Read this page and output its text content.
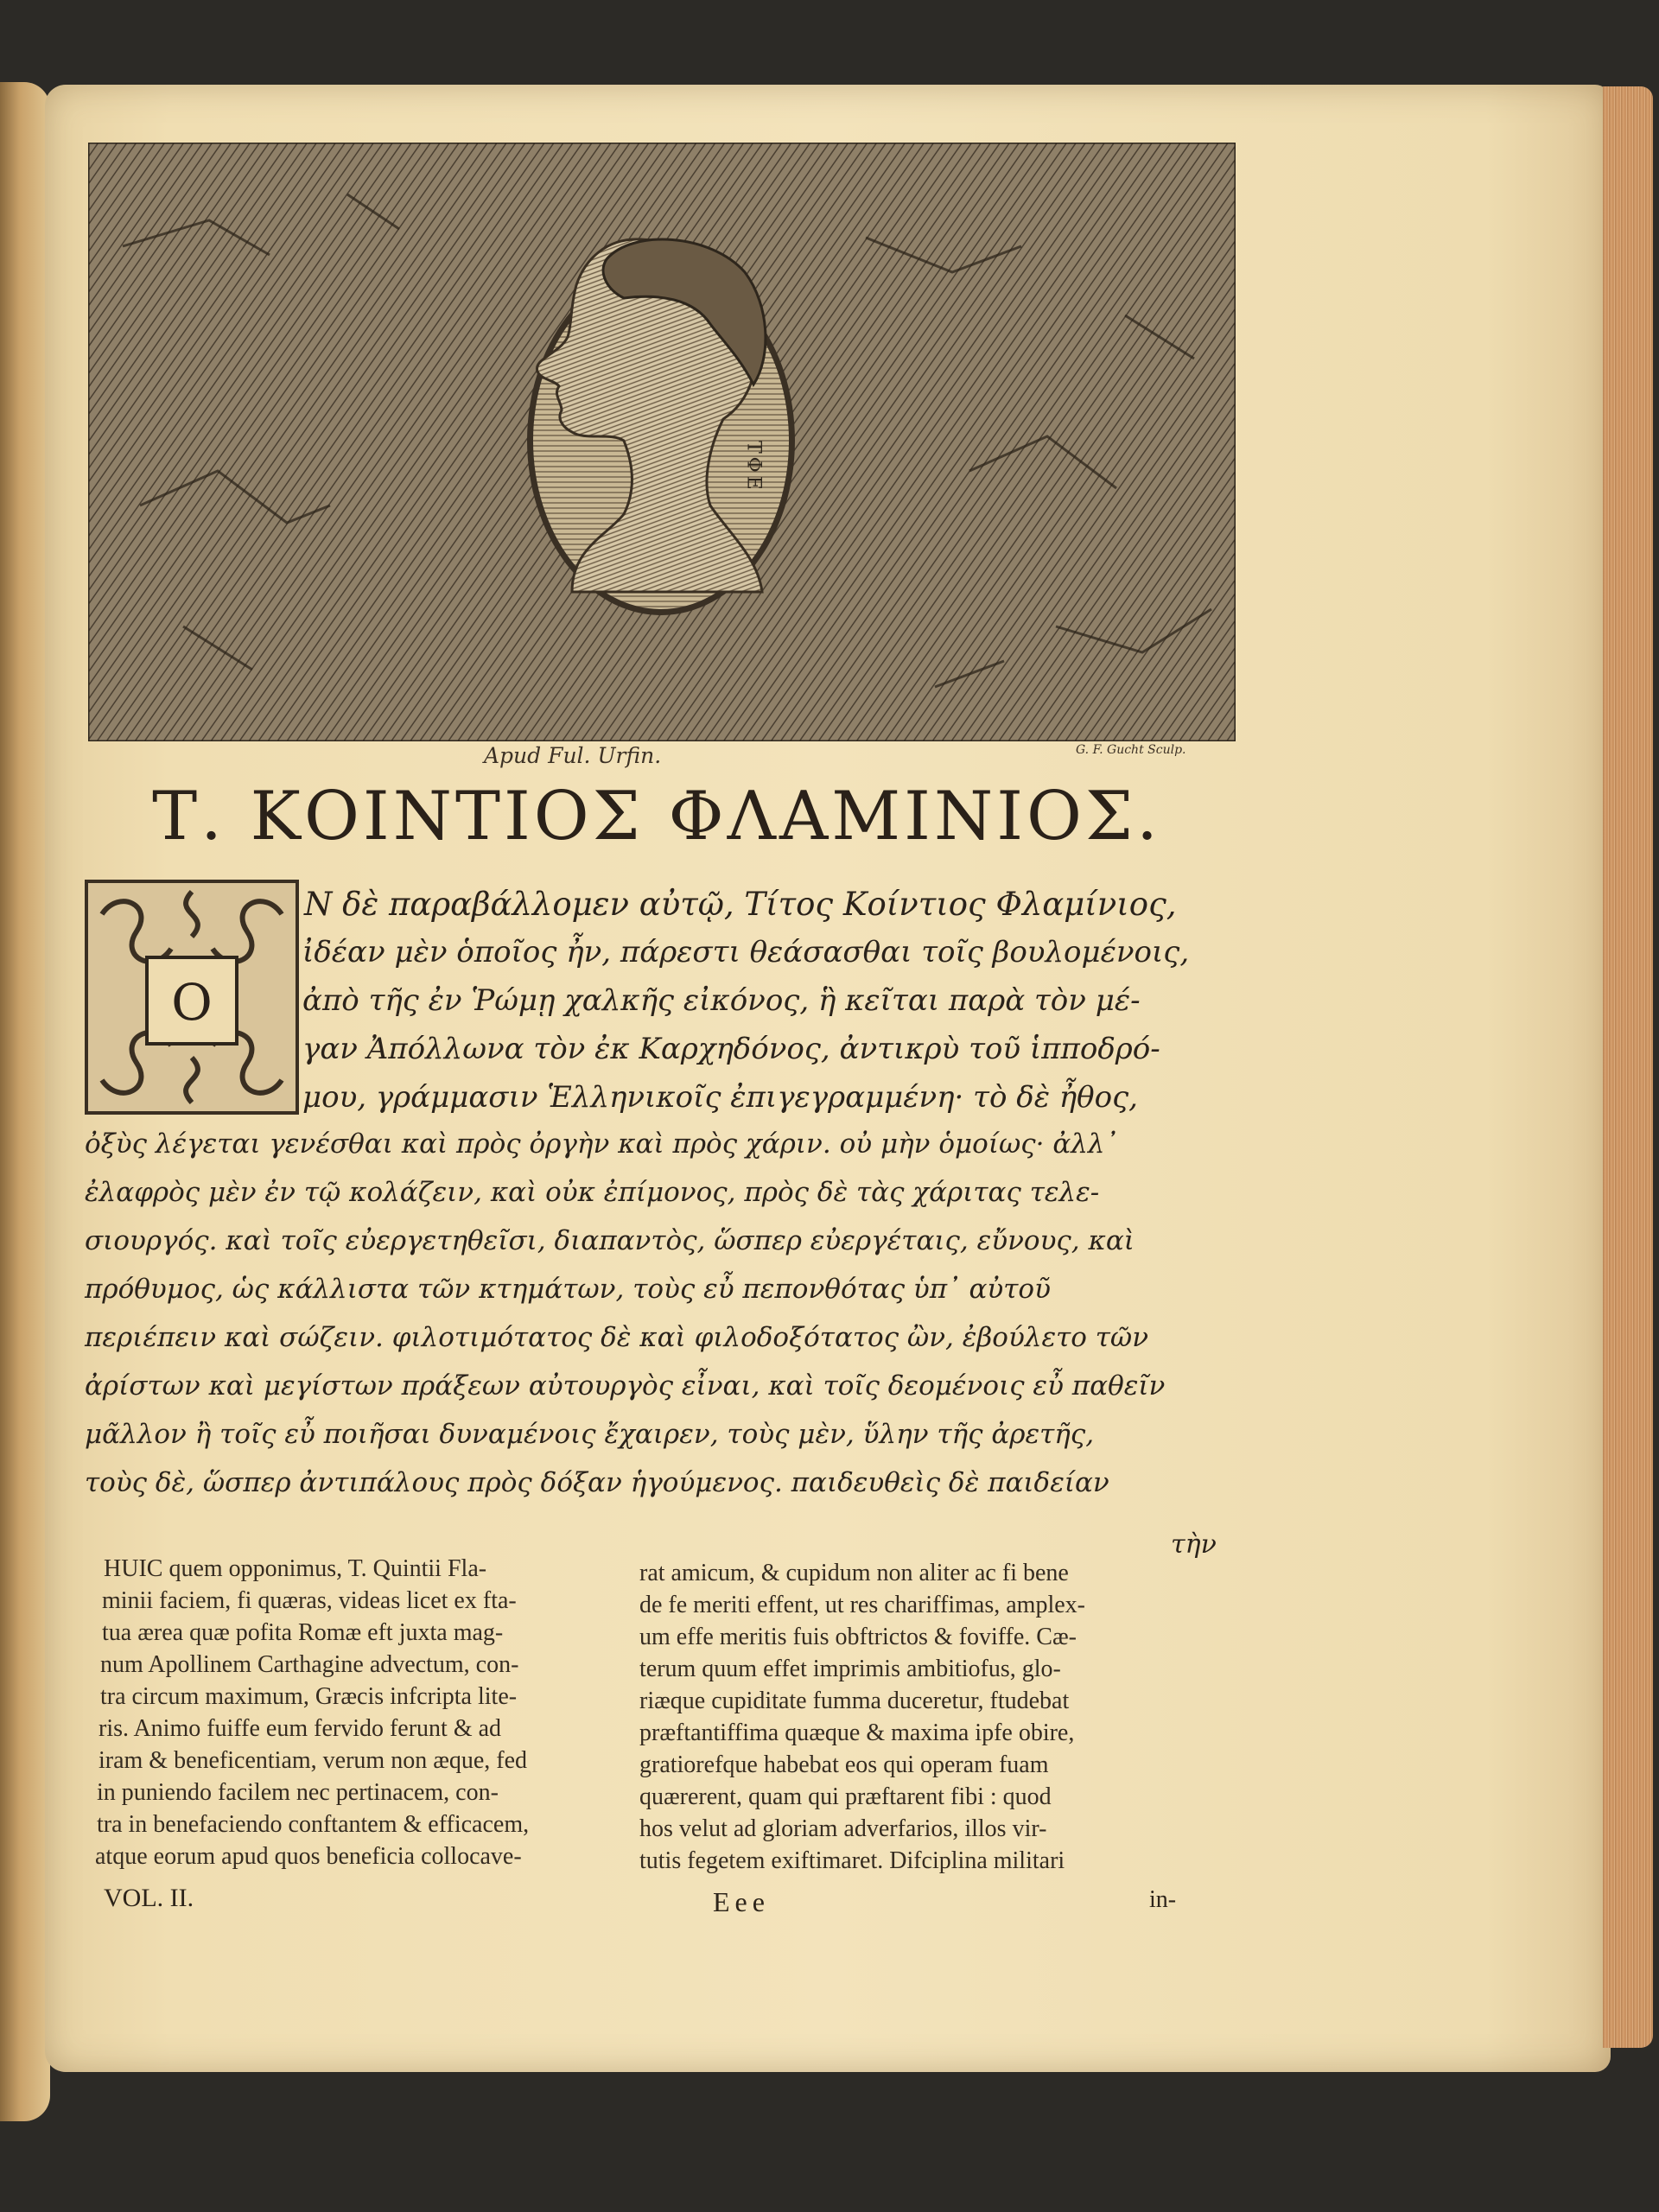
ΤΦΕ
Apud Ful. Urfin.	G. F. Gucht Sculp.
Τ. ΚΟΙΝΤΙΟΣ ΦΛΑΜΙΝΙΟΣ.
O
Ν δὲ παραβάλλομεν αὐτῷ, Τίτος Κοίντιος Φλαμίνιος,
ἰδέαν μὲν ὁποῖος ἦν, πάρεστι θεάσασθαι τοῖς βουλομένοις,
ἀπὸ τῆς ἐν Ῥώμῃ χαλκῆς εἰκόνος, ἣ κεῖται παρὰ τὸν μέ-
γαν Ἀπόλλωνα τὸν ἐκ Καρχηδόνος, ἀντικρὺ τοῦ ἱπποδρό-
μου, γράμμασιν Ἑλληνικοῖς ἐπιγεγραμμένη· τὸ δὲ ἦθος,
ὀξὺς λέγεται γενέσθαι καὶ πρὸς ὀργὴν καὶ πρὸς χάριν. οὐ μὴν ὁμοίως· ἀλλ᾽
ἐλαφρὸς μὲν ἐν τῷ κολάζειν, καὶ οὐκ ἐπίμονος, πρὸς δὲ τὰς χάριτας τελε-
σιουργός. καὶ τοῖς εὐεργετηθεῖσι, διαπαντὸς, ὥσπερ εὐεργέταις, εὔνους, καὶ
πρόθυμος, ὡς κάλλιστα τῶν κτημάτων, τοὺς εὖ πεπονθότας ὑπ᾽ αὐτοῦ
περιέπειν καὶ σώζειν. φιλοτιμότατος δὲ καὶ φιλοδοξότατος ὢν, ἐβούλετο τῶν
ἀρίστων καὶ μεγίστων πράξεων αὐτουργὸς εἶναι, καὶ τοῖς δεομένοις εὖ παθεῖν
μᾶλλον ἢ τοῖς εὖ ποιῆσαι δυναμένοις ἔχαιρεν, τοὺς μὲν, ὕλην τῆς ἀρετῆς,
τοὺς δὲ, ὥσπερ ἀντιπάλους πρὸς δόξαν ἡγούμενος. παιδευθεὶς δὲ παιδείαν
τὴν
HUIC quem opponimus, T. Quintii Fla-
minii faciem, fi quæras, videas licet ex fta-
tua ærea quæ pofita Romæ eft juxta mag-
num Apollinem Carthagine advectum, con-
tra circum maximum, Græcis infcripta lite-
ris. Animo fuiffe eum fervido ferunt & ad
iram & beneficentiam, verum non æque, fed
in puniendo facilem nec pertinacem, con-
tra in benefaciendo conftantem & efficacem,
atque eorum apud quos beneficia collocave-
rat amicum, & cupidum non aliter ac fi bene
de fe meriti effent, ut res chariffimas, amplex-
um effe meritis fuis obftrictos & foviffe. Cæ-
terum quum effet imprimis ambitiofus, glo-
riæque cupiditate fumma duceretur, ftudebat
præftantiffima quæque & maxima ipfe obire,
gratiorefque habebat eos qui operam fuam
quærerent, quam qui præftarent fibi : quod
hos velut ad gloriam adverfarios, illos vir-
tutis fegetem exiftimaret. Difciplina militari
VOL. II.	Eee	in-
